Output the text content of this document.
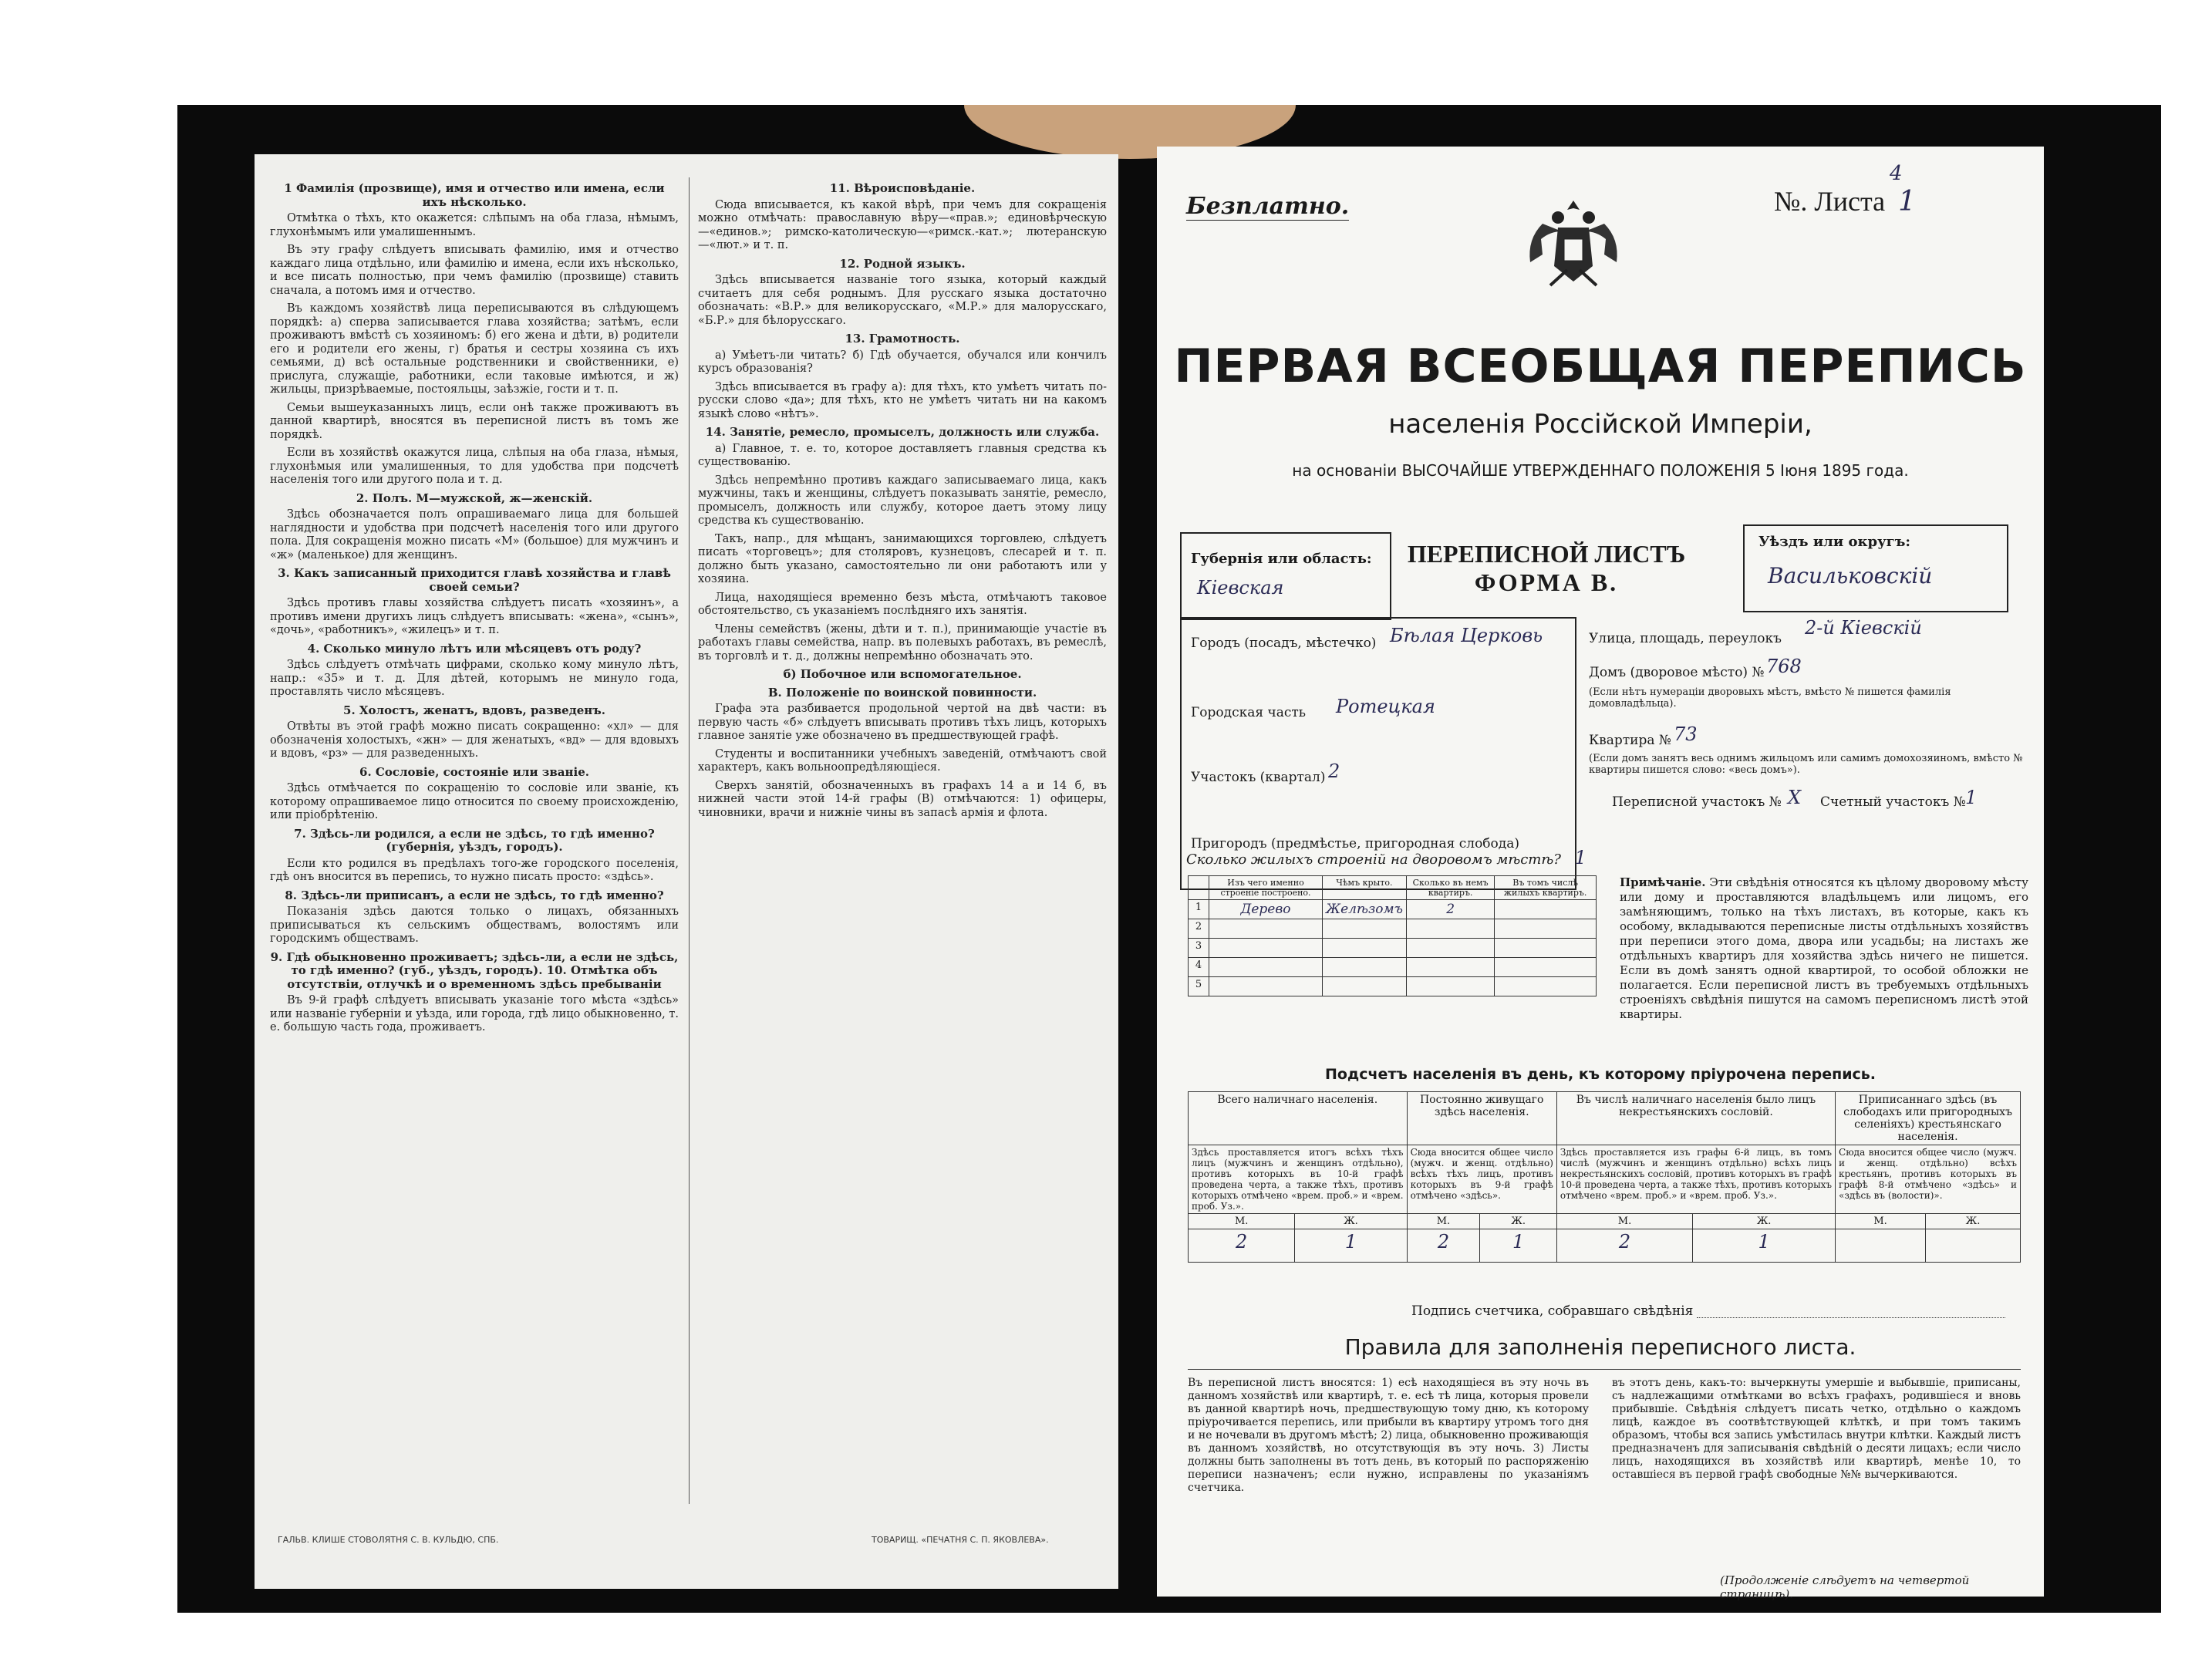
1 Фамилія (прозвище), имя и отчество или имена, если ихъ нѣсколько.

Отмѣтка о тѣхъ, кто окажется: слѣпымъ на оба глаза, нѣмымъ, глухонѣмымъ или умалишеннымъ.

Въ эту графу слѣдуетъ вписывать фамилію, имя и отчество каждаго лица отдѣльно, или фамилію и имена, если ихъ нѣсколько, и все писать полностью, при чемъ фамилію (прозвище) ставить сначала, а потомъ имя и отчество.

Въ каждомъ хозяйствѣ лица переписываются въ слѣдующемъ порядкѣ: а) сперва записывается глава хозяйства; затѣмъ, если проживаютъ вмѣстѣ съ хозяиномъ: б) его жена и дѣти, в) родители его и родители его жены, г) братья и сестры хозяина съ ихъ семьями, д) всѣ остальные родственники и свойственники, е) прислуга, служащіе, работники, если таковые имѣются, и ж) жильцы, призрѣваемые, постояльцы, заѣзжіе, гости и т. п.

Семьи вышеуказанныхъ лицъ, если онѣ также проживаютъ въ данной квартирѣ, вносятся въ переписной листъ въ томъ же порядкѣ.

Если въ хозяйствѣ окажутся лица, слѣпыя на оба глаза, нѣмыя, глухонѣмыя или умалишенныя, то для удобства при подсчетѣ населенія того или другого пола и т. д.

2. Полъ. М—мужской, ж—женскій.

Здѣсь обозначается полъ опрашиваемаго лица для большей наглядности и удобства при подсчетѣ населенія того или другого пола. Для сокращенія можно писать «М» (большое) для мужчинъ и «ж» (маленькое) для женщинъ.

3. Какъ записанный приходится главѣ хозяйства и главѣ своей семьи?

Здѣсь противъ главы хозяйства слѣдуетъ писать «хозяинъ», а противъ имени другихъ лицъ слѣдуетъ вписывать: «жена», «сынъ», «дочь», «работникъ», «жилецъ» и т. п.

4. Сколько минуло лѣтъ или мѣсяцевъ отъ роду?

Здѣсь слѣдуетъ отмѣчать цифрами, сколько кому минуло лѣтъ, напр.: «35» и т. д. Для дѣтей, которымъ не минуло года, проставлять число мѣсяцевъ.

5. Холостъ, женатъ, вдовъ, разведенъ.

Отвѣты въ этой графѣ можно писать сокращенно: «хл» — для обозначенія холостыхъ, «жн» — для женатыхъ, «вд» — для вдовыхъ и вдовъ, «рз» — для разведенныхъ.

6. Сословіе, состояніе или званіе.

Здѣсь отмѣчается по сокращенію то сословіе или званіе, къ которому опрашиваемое лицо относится по своему происхожденію, или пріобрѣтенію.

7. Здѣсь-ли родился, а если не здѣсь, то гдѣ именно? (губернія, уѣздъ, городъ).

Если кто родился въ предѣлахъ того-же городского поселенія, гдѣ онъ вносится въ перепись, то нужно писать просто: «здѣсь».

8. Здѣсь-ли приписанъ, а если не здѣсь, то гдѣ именно?

Показанія здѣсь даются только о лицахъ, обязанныхъ приписываться къ сельскимъ обществамъ, волостямъ или городскимъ обществамъ.

9. Гдѣ обыкновенно проживаетъ; здѣсь-ли, а если не здѣсь, то гдѣ именно? (губ., уѣздъ, городъ). 10. Отмѣтка объ отсутствіи, отлучкѣ и о временномъ здѣсь пребываніи

Въ 9-й графѣ слѣдуетъ вписывать указаніе того мѣста «здѣсь» или названіе губерніи и уѣзда, или города, гдѣ лицо обыкновенно, т. е. большую часть года, проживаетъ.

11. Вѣроисповѣданіе.

Сюда вписывается, къ какой вѣрѣ, при чемъ для сокращенія можно отмѣчать: православную вѣру—«прав.»; единовѣрческую—«единов.»; римско-католическую—«римск.-кат.»; лютеранскую—«лют.» и т. п.

12. Родной языкъ.

Здѣсь вписывается названіе того языка, который каждый считаетъ для себя роднымъ. Для русскаго языка достаточно обозначать: «В.Р.» для великорусскаго, «М.Р.» для малорусскаго, «Б.Р.» для бѣлорусскаго.

13. Грамотность.

а) Умѣетъ-ли читать? б) Гдѣ обучается, обучался или кончилъ курсъ образованія?

Здѣсь вписывается въ графу а): для тѣхъ, кто умѣетъ читать по-русски слово «да»; для тѣхъ, кто не умѣетъ читать ни на какомъ языкѣ слово «нѣтъ».

14. Занятіе, ремесло, промыселъ, должность или служба.

а) Главное, т. е. то, которое доставляетъ главныя средства къ существованію.

Здѣсь непремѣнно противъ каждаго записываемаго лица, какъ мужчины, такъ и женщины, слѣдуетъ показывать занятіе, ремесло, промыселъ, должность или службу, которое даетъ этому лицу средства къ существованію.

Такъ, напр., для мѣщанъ, занимающихся торговлею, слѣдуетъ писать «торговецъ»; для столяровъ, кузнецовъ, слесарей и т. п. должно быть указано, самостоятельно ли они работаютъ или у хозяина.

Лица, находящіеся временно безъ мѣста, отмѣчаютъ таковое обстоятельство, съ указаніемъ послѣдняго ихъ занятія.

Члены семействъ (жены, дѣти и т. п.), принимающіе участіе въ работахъ главы семейства, напр. въ полевыхъ работахъ, въ ремеслѣ, въ торговлѣ и т. д., должны непремѣнно обозначать это.

б) Побочное или вспомогательное.
В. Положеніе по воинской повинности.

Графа эта разбивается продольной чертой на двѣ части: въ первую часть «б» слѣдуетъ вписывать противъ тѣхъ лицъ, которыхъ главное занятіе уже обозначено въ предшествующей графѣ.

Студенты и воспитанники учебныхъ заведеній, отмѣчаютъ свой характеръ, какъ вольноопредѣляющіеся.

Сверхъ занятій, обозначенныхъ въ графахъ 14 а и 14 б, въ нижней части этой 14-й графы (В) отмѣчаются: 1) офицеры, чиновники, врачи и нижніе чины въ запасѣ армія и флота.

ГАЛЬВ. КЛИШЕ СТОВОЛЯТНЯ С. В. КУЛЬДЮ, СПБ.	ТОВАРИЩ. «ПЕЧАТНЯ С. П. ЯКОВЛЕВА».
Безплатно.	№. Листа 1
4
ПЕРВАЯ ВСЕОБЩАЯ ПЕРЕПИСЬ
населенія Россійской Имперіи,
на основаніи ВЫСОЧАЙШЕ УТВЕРЖДЕННАГО ПОЛОЖЕНІЯ 5 Іюня 1895 года.
Губернія или область:
Кіевская
ПЕРЕПИСНОЙ ЛИСТЪ
ФОРМА В.
Уѣздъ или округъ:
Васильковскій
Городъ (посадъ, мѣстечко) Бѣлая Церковь
Городская часть Ротецкая
Участокъ (квартал) 2
Пригородъ (предмѣстье, пригородная слобода)
Улица, площадь, переулокъ 2-й Кіевскій
Домъ (дворовое мѣсто) № 768
(Если нѣтъ нумераціи дворовыхъ мѣстъ, вмѣсто № пишется фамилія домовладѣльца).
Квартира № 73
(Если домъ занятъ весь однимъ жильцомъ или самимъ домохозяиномъ, вмѣсто № квартиры пишется слово: «весь домъ»).
Переписной участокъ № X Счетный участокъ № 1
Сколько жилыхъ строеній на дворовомъ мѣстѣ? 1
	Изъ чего именно строеніе построено.	Чѣмъ крыто.	Сколько въ немъ квартиръ.	Въ томъ числѣ жилыхъ квартиръ.
1	Дерево	Желѣзомъ	2	
2				
3				
4				
5				
Примѣчаніе. Эти свѣдѣнія относятся къ цѣлому дворовому мѣсту или дому и проставляются владѣльцемъ или лицомъ, его замѣняющимъ, только на тѣхъ листахъ, въ которые, какъ къ особому, вкладываются переписные листы отдѣльныхъ хозяйствъ при переписи этого дома, двора или усадьбы; на листахъ же отдѣльныхъ квартиръ для хозяйства здѣсь ничего не пишется. Если въ домѣ занятъ одной квартирой, то особой обложки не полагается. Если переписной листъ въ требуемыхъ отдѣльныхъ строеніяхъ свѣдѣнія пишутся на самомъ переписномъ листѣ этой квартиры.
Подсчетъ населенія въ день, къ которому пріурочена перепись.
Всего наличнаго населенія.		Постоянно живущаго здѣсь населенія.		Въ числѣ наличнаго населенія было лицъ некрестьянскихъ сословій.		Приписаннаго здѣсь (въ слободахъ или пригородныхъ селеніяхъ) крестьянскаго населенія.	
Здѣсь проставляется итогъ всѣхъ тѣхъ лицъ (мужчинъ и женщинъ отдѣльно), противъ которыхъ въ 10-й графѣ проведена черта, а также тѣхъ, противъ которыхъ отмѣчено «врем. проб.» и «врем. проб. Уз.».		Сюда вносится общее число (мужч. и женщ. отдѣльно) всѣхъ тѣхъ лицъ, противъ которыхъ въ 9-й графѣ отмѣчено «здѣсь».		Здѣсь проставляется изъ графы 6-й лицъ, въ томъ числѣ (мужчинъ и женщинъ отдѣльно) всѣхъ лицъ некрестьянскихъ сословій, противъ которыхъ въ графѣ 10-й проведена черта, а также тѣхъ, противъ которыхъ отмѣчено «врем. проб.» и «врем. проб. Уз.».		Сюда вносится общее число (мужч. и женщ. отдѣльно) всѣхъ крестьянъ, противъ которыхъ въ графѣ 8-й отмѣчено «здѣсь» и «здѣсь въ (волости)».	
М.	Ж.	М.	Ж.	М.	Ж.	М.	Ж.
2	1	2	1	2	1		
Подпись счетчика, собравшаго свѣдѣнія
Правила для заполненія переписного листа.
Въ переписной листъ вносятся: 1) есѣ находящіеся въ эту ночь въ данномъ хозяйствѣ или квартирѣ, т. е. есѣ тѣ лица, которыя провели въ данной квартирѣ ночь, предшествующую тому дню, къ которому пріурочивается перепись, или прибыли въ квартиру утромъ того дня и не ночевали въ другомъ мѣстѣ; 2) лица, обыкновенно проживающія въ данномъ хозяйствѣ, но отсутствующія въ эту ночь. 3) Листы должны быть заполнены въ тотъ день, въ который по распоряженію переписи назначенъ; если нужно, исправлены по указаніямъ счетчика.
въ этотъ день, какъ-то: вычеркнуты умершіе и выбывшіе, приписаны, съ надлежащими отмѣтками во всѣхъ графахъ, родившіеся и вновь прибывшіе. Свѣдѣнія слѣдуетъ писать четко, отдѣльно о каждомъ лицѣ, каждое въ соотвѣтствующей клѣткѣ, и при томъ такимъ образомъ, чтобы вся запись умѣстилась внутри клѣтки. Каждый листъ предназначенъ для записыванія свѣдѣній о десяти лицахъ; если число лицъ, находящихся въ хозяйствѣ или квартирѣ, менѣе 10, то оставшіеся въ первой графѣ свободные №№ вычеркиваются.
(Продолженіе слѣдуетъ на четвертой страницѣ).
